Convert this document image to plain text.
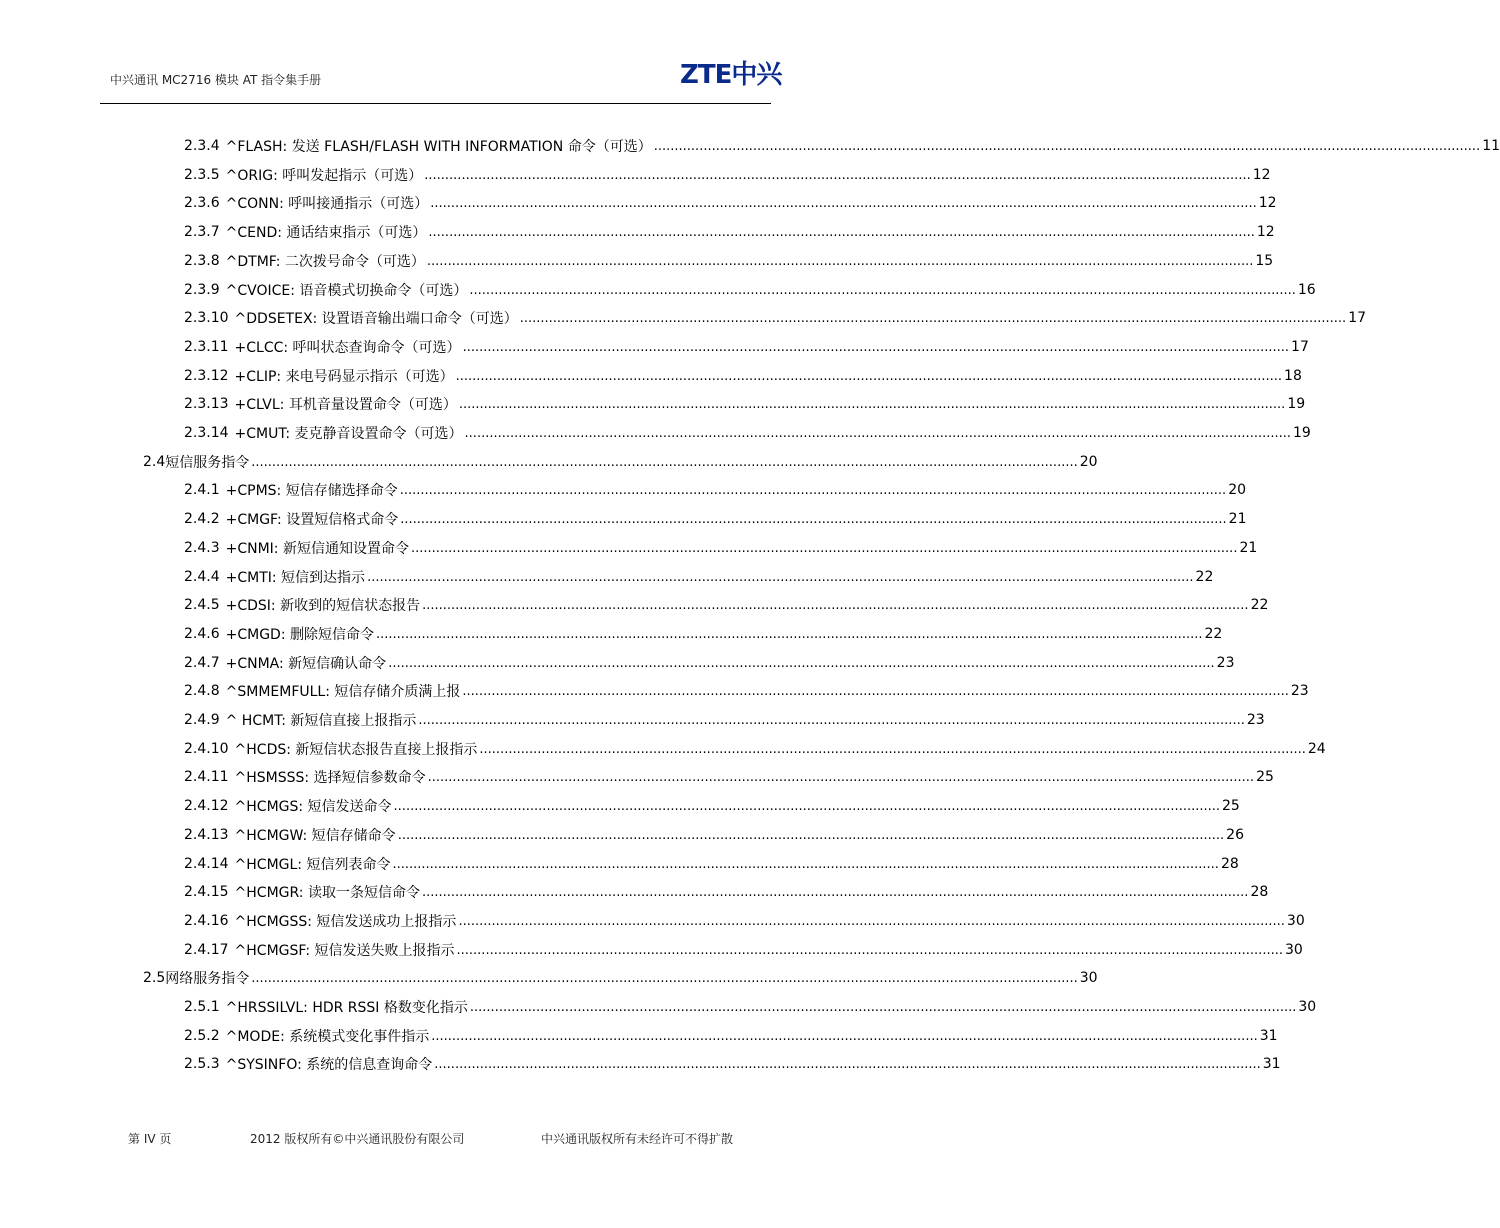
中兴通讯 MC2716 模块 AT 指令集手册	ZTE中兴
2.3.4 ^FLASH: 发送 FLASH/FLASH WITH INFORMATION 命令（可选） ........................................................................................................................................................................................................ 11
2.3.5 ^ORIG: 呼叫发起指示（可选） ........................................................................................................................................................................................................ 12
2.3.6 ^CONN: 呼叫接通指示（可选） ........................................................................................................................................................................................................ 12
2.3.7 ^CEND: 通话结束指示（可选） ........................................................................................................................................................................................................ 12
2.3.8 ^DTMF: 二次拨号命令（可选） ........................................................................................................................................................................................................ 15
2.3.9 ^CVOICE: 语音模式切换命令（可选） ........................................................................................................................................................................................................ 16
2.3.10 ^DDSETEX: 设置语音输出端口命令（可选） ........................................................................................................................................................................................................ 17
2.3.11 +CLCC: 呼叫状态查询命令（可选） ........................................................................................................................................................................................................ 17
2.3.12 +CLIP: 来电号码显示指示（可选） ........................................................................................................................................................................................................ 18
2.3.13 +CLVL: 耳机音量设置命令（可选） ........................................................................................................................................................................................................ 19
2.3.14 +CMUT: 麦克静音设置命令（可选） ........................................................................................................................................................................................................ 19
2.4 短信服务指令 ........................................................................................................................................................................................................ 20
2.4.1 +CPMS: 短信存储选择命令 ........................................................................................................................................................................................................ 20
2.4.2 +CMGF: 设置短信格式命令 ........................................................................................................................................................................................................ 21
2.4.3 +CNMI: 新短信通知设置命令 ........................................................................................................................................................................................................ 21
2.4.4 +CMTI: 短信到达指示 ........................................................................................................................................................................................................ 22
2.4.5 +CDSI: 新收到的短信状态报告 ........................................................................................................................................................................................................ 22
2.4.6 +CMGD: 删除短信命令 ........................................................................................................................................................................................................ 22
2.4.7 +CNMA: 新短信确认命令 ........................................................................................................................................................................................................ 23
2.4.8 ^SMMEMFULL: 短信存储介质满上报 ........................................................................................................................................................................................................ 23
2.4.9 ^ HCMT: 新短信直接上报指示 ........................................................................................................................................................................................................ 23
2.4.10 ^HCDS: 新短信状态报告直接上报指示 ........................................................................................................................................................................................................ 24
2.4.11 ^HSMSSS: 选择短信参数命令 ........................................................................................................................................................................................................ 25
2.4.12 ^HCMGS: 短信发送命令 ........................................................................................................................................................................................................ 25
2.4.13 ^HCMGW: 短信存储命令 ........................................................................................................................................................................................................ 26
2.4.14 ^HCMGL: 短信列表命令 ........................................................................................................................................................................................................ 28
2.4.15 ^HCMGR: 读取一条短信命令 ........................................................................................................................................................................................................ 28
2.4.16 ^HCMGSS: 短信发送成功上报指示 ........................................................................................................................................................................................................ 30
2.4.17 ^HCMGSF: 短信发送失败上报指示 ........................................................................................................................................................................................................ 30
2.5 网络服务指令 ........................................................................................................................................................................................................ 30
2.5.1 ^HRSSILVL: HDR RSSI 格数变化指示 ........................................................................................................................................................................................................ 30
2.5.2 ^MODE: 系统模式变化事件指示 ........................................................................................................................................................................................................ 31
2.5.3 ^SYSINFO: 系统的信息查询命令 ........................................................................................................................................................................................................ 31
第 IV 页	2012 版权所有©中兴通讯股份有限公司	中兴通讯版权所有未经许可不得扩散
